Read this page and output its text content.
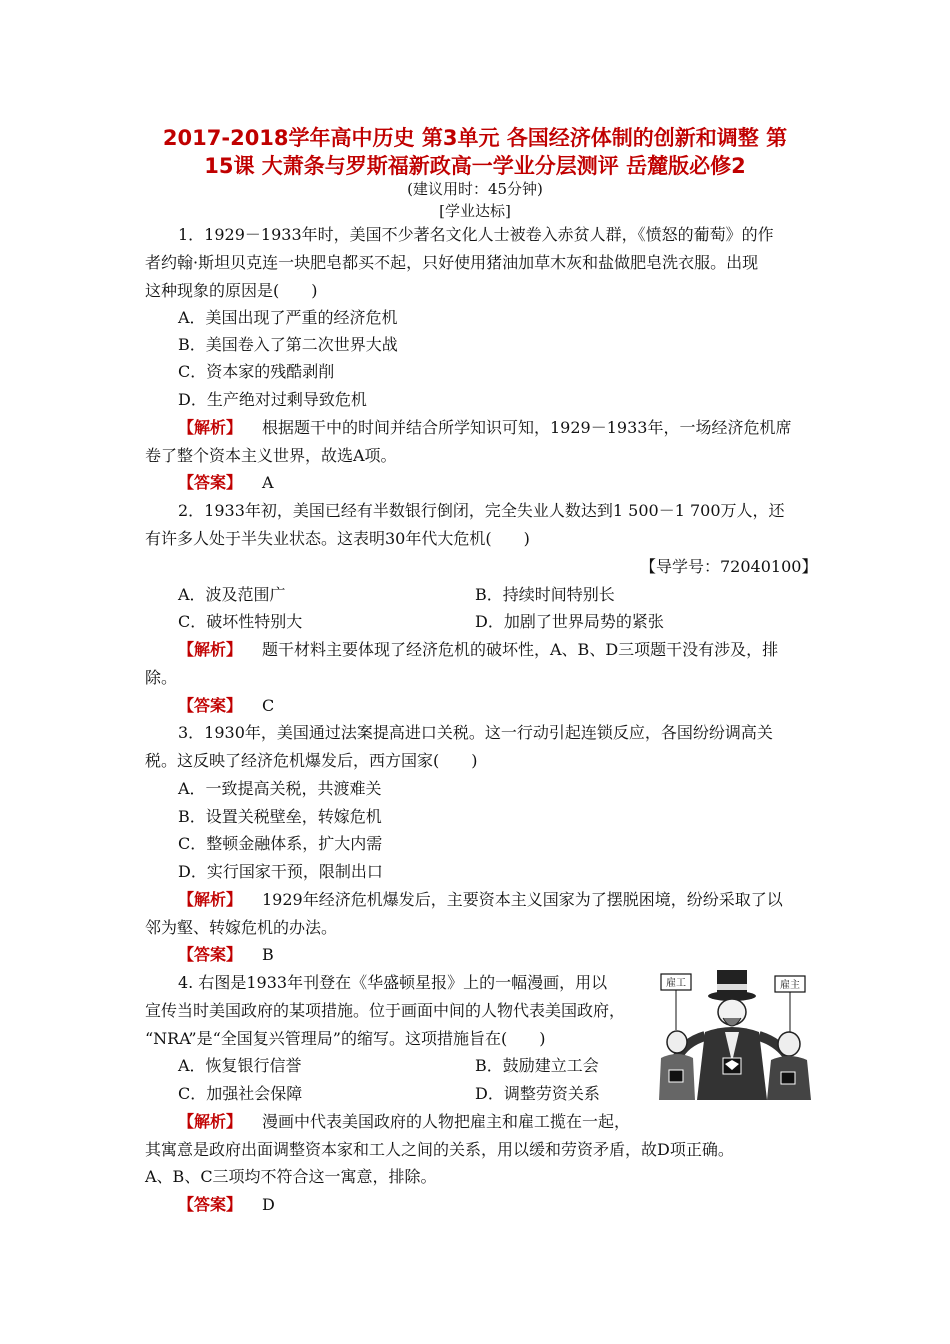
2017-2018学年高中历史 第3单元 各国经济体制的创新和调整 第
15课 大萧条与罗斯福新政高一学业分层测评 岳麓版必修2
(建议用时：45分钟)
[学业达标]
1．1929－1933年时，美国不少著名文化人士被卷入赤贫人群，《愤怒的葡萄》的作
者约翰·斯坦贝克连一块肥皂都买不起，只好使用猪油加草木灰和盐做肥皂洗衣服。出现
这种现象的原因是(　　)
A．美国出现了严重的经济危机
B．美国卷入了第二次世界大战
C．资本家的残酷剥削
D．生产绝对过剩导致危机
【解析】 根据题干中的时间并结合所学知识可知，1929－1933年，一场经济危机席
卷了整个资本主义世界，故选A项。
【答案】 A
2．1933年初，美国已经有半数银行倒闭，完全失业人数达到1 500－1 700万人，还
有许多人处于半失业状态。这表明30年代大危机(　　)
【导学号：72040100】
A．波及范围广	B．持续时间特别长
C．破坏性特别大	D．加剧了世界局势的紧张
【解析】 题干材料主要体现了经济危机的破坏性，A、B、D三项题干没有涉及，排
除。
【答案】 C
3．1930年，美国通过法案提高进口关税。这一行动引起连锁反应，各国纷纷调高关
税。这反映了经济危机爆发后，西方国家(　　)
A．一致提高关税，共渡难关
B．设置关税壁垒，转嫁危机
C．整顿金融体系，扩大内需
D．实行国家干预，限制出口
【解析】 1929年经济危机爆发后，主要资本主义国家为了摆脱困境，纷纷采取了以
邻为壑、转嫁危机的办法。
【答案】 B
4. 右图是1933年刊登在《华盛顿星报》上的一幅漫画，用以
宣传当时美国政府的某项措施。位于画面中间的人物代表美国政府，
“NRA”是“全国复兴管理局”的缩写。这项措施旨在(　　)
A．恢复银行信誉	B．鼓励建立工会
C．加强社会保障	D．调整劳资关系
【解析】 漫画中代表美国政府的人物把雇主和雇工揽在一起，
其寓意是政府出面调整资本家和工人之间的关系，用以缓和劳资矛盾，故D项正确。
A、B、C三项均不符合这一寓意，排除。
【答案】 D
雇工	雇主
